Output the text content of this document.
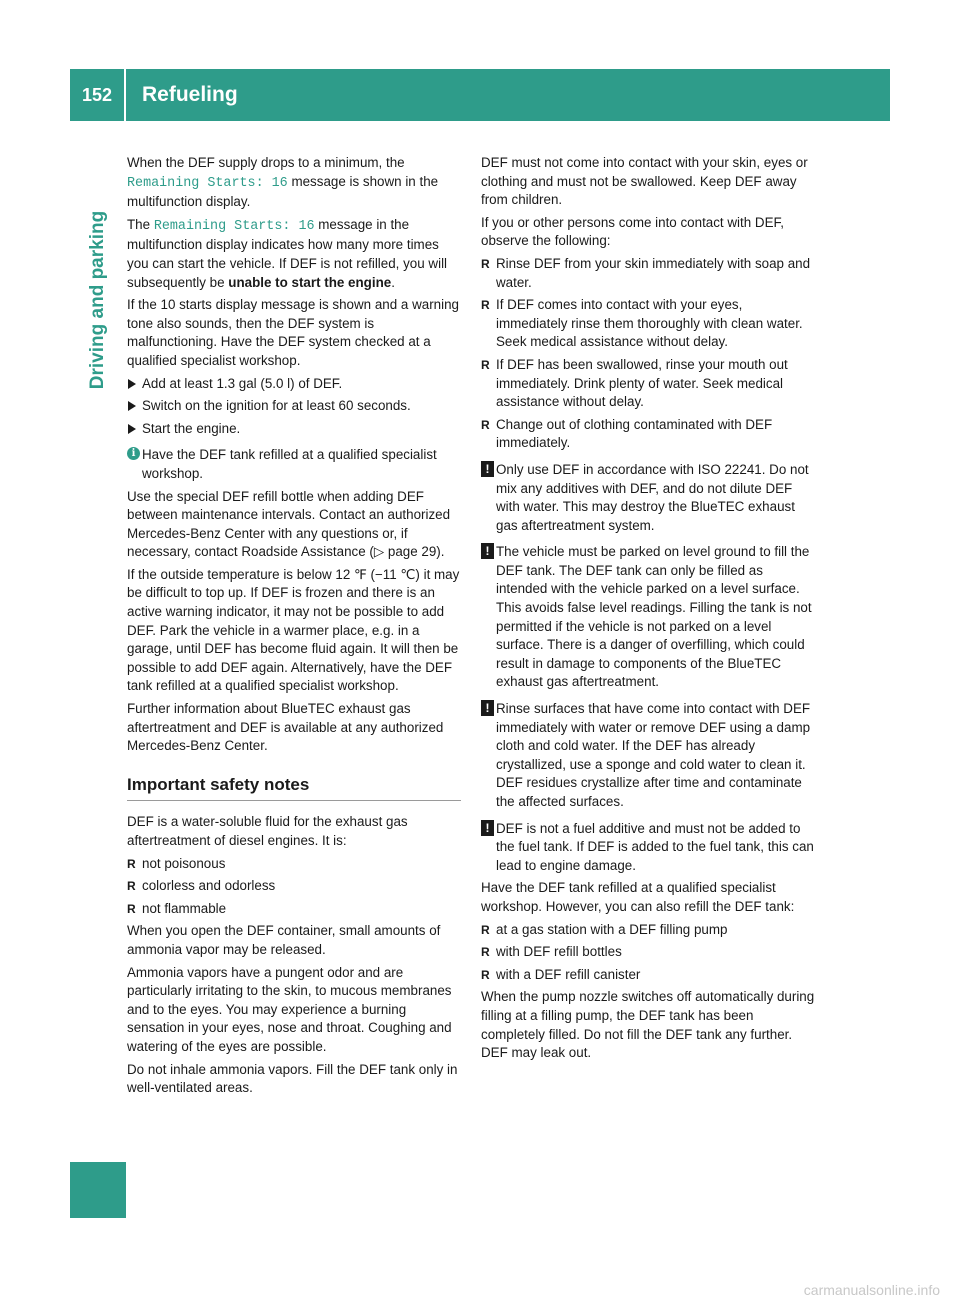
152	Refueling
Driving and parking

When the DEF supply drops to a minimum, the Remaining Starts: 16 message is shown in the multifunction display.

The Remaining Starts: 16 message in the multifunction display indicates how many more times you can start the vehicle. If DEF is not refilled, you will subsequently be unable to start the engine.

If the 10 starts display message is shown and a warning tone also sounds, then the DEF system is malfunctioning. Have the DEF system checked at a qualified specialist workshop.

Add at least 1.3 gal (5.0 l) of DEF.
Switch on the ignition for at least 60 seconds.
Start the engine.
i Have the DEF tank refilled at a qualified specialist workshop.

Use the special DEF refill bottle when adding DEF between maintenance intervals. Contact an authorized Mercedes-Benz Center with any questions or, if necessary, contact Roadside Assistance (▷ page 29).

If the outside temperature is below 12 ℉ (−11 ℃) it may be difficult to top up. If DEF is frozen and there is an active warning indicator, it may not be possible to add DEF. Park the vehicle in a warmer place, e.g. in a garage, until DEF has become fluid again. It will then be possible to add DEF again. Alternatively, have the DEF tank refilled at a qualified specialist workshop.

Further information about BlueTEC exhaust gas aftertreatment and DEF is available at any authorized Mercedes-Benz Center.

Important safety notes

DEF is a water-soluble fluid for the exhaust gas aftertreatment of diesel engines. It is:

R not poisonous
R colorless and odorless
R not flammable

When you open the DEF container, small amounts of ammonia vapor may be released.

Ammonia vapors have a pungent odor and are particularly irritating to the skin, to mucous membranes and to the eyes. You may experience a burning sensation in your eyes, nose and throat. Coughing and watering of the eyes are possible.

Do not inhale ammonia vapors. Fill the DEF tank only in well-ventilated areas.

DEF must not come into contact with your skin, eyes or clothing and must not be swallowed. Keep DEF away from children.

If you or other persons come into contact with DEF, observe the following:

R Rinse DEF from your skin immediately with soap and water.
R If DEF comes into contact with your eyes, immediately rinse them thoroughly with clean water. Seek medical assistance without delay.
R If DEF has been swallowed, rinse your mouth out immediately. Drink plenty of water. Seek medical assistance without delay.
R Change out of clothing contaminated with DEF immediately.
! Only use DEF in accordance with ISO 22241. Do not mix any additives with DEF, and do not dilute DEF with water. This may destroy the BlueTEC exhaust gas aftertreatment system.
! The vehicle must be parked on level ground to fill the DEF tank. The DEF tank can only be filled as intended with the vehicle parked on a level surface. This avoids false level readings. Filling the tank is not permitted if the vehicle is not parked on a level surface. There is a danger of overfilling, which could result in damage to components of the BlueTEC exhaust gas aftertreatment.
! Rinse surfaces that have come into contact with DEF immediately with water or remove DEF using a damp cloth and cold water. If the DEF has already crystallized, use a sponge and cold water to clean it. DEF residues crystallize after time and contaminate the affected surfaces.
! DEF is not a fuel additive and must not be added to the fuel tank. If DEF is added to the fuel tank, this can lead to engine damage.

Have the DEF tank refilled at a qualified specialist workshop. However, you can also refill the DEF tank:

R at a gas station with a DEF filling pump
R with DEF refill bottles
R with a DEF refill canister

When the pump nozzle switches off automatically during filling at a filling pump, the DEF tank has been completely filled. Do not fill the DEF tank any further. DEF may leak out.

carmanualsonline.info
